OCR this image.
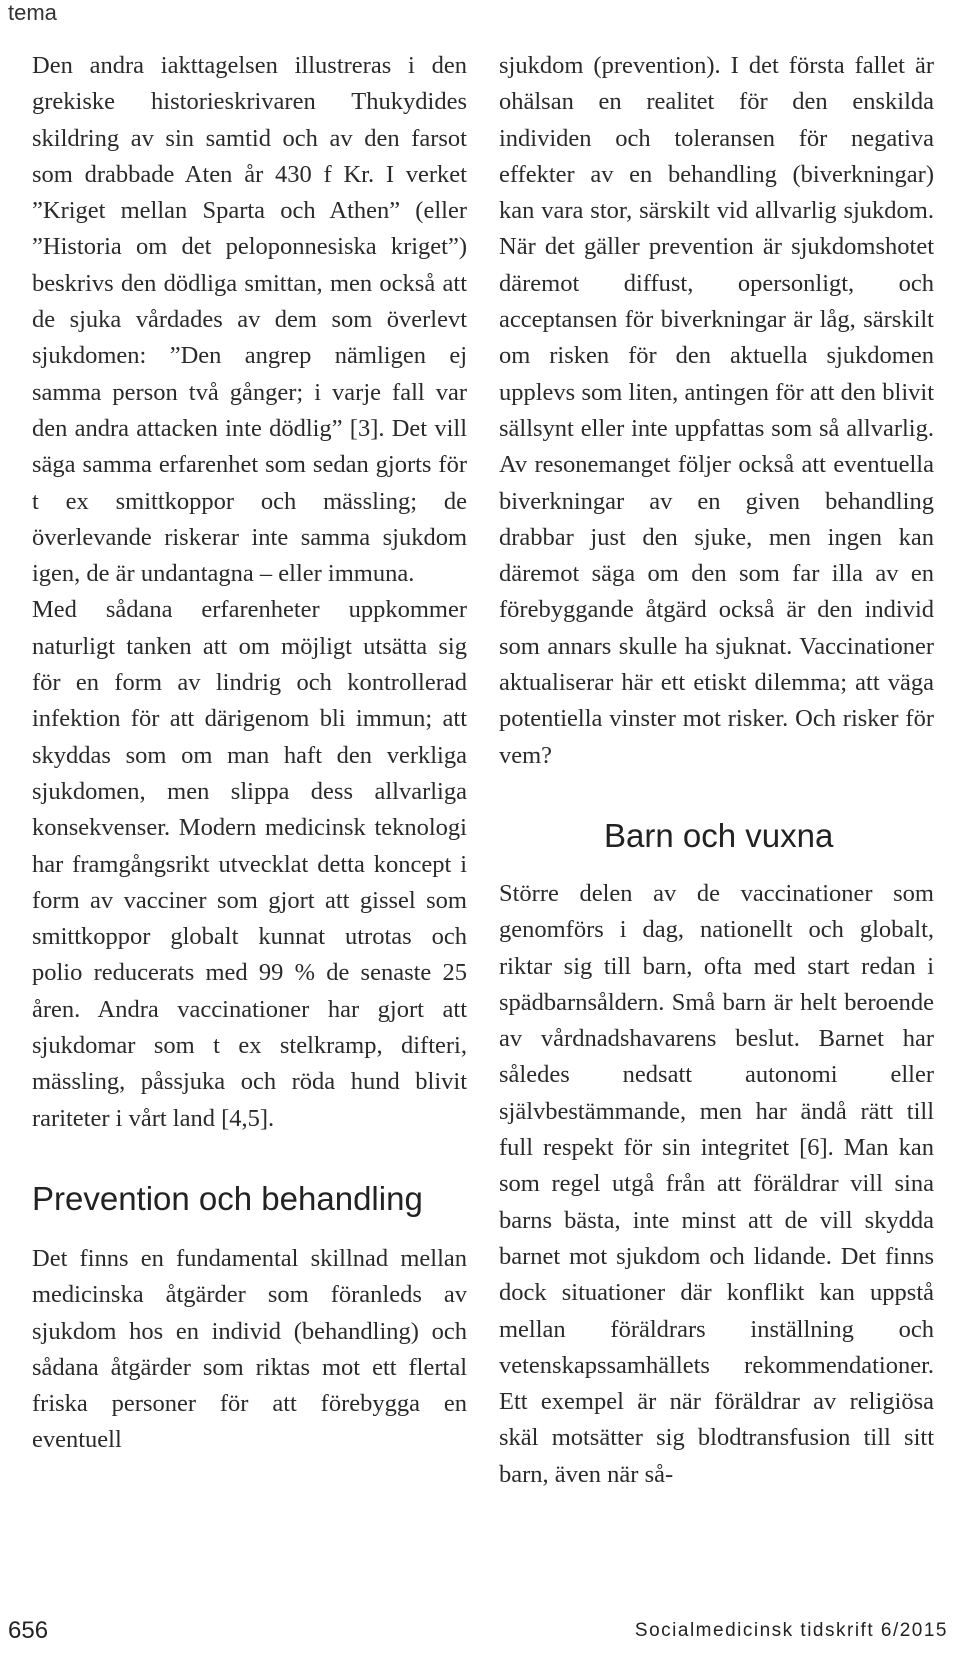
tema

Den andra iakttagelsen illustreras i den grekiske historieskrivaren Thukydides skildring av sin samtid och av den farsot som drabbade Aten år 430 f Kr. I verket ”Kriget mellan Sparta och Athen” (eller ”Historia om det peloponnesiska kriget”) beskrivs den dödliga smittan, men också att de sjuka vårdades av dem som överlevt sjukdomen: ”Den angrep nämligen ej samma person två gånger; i varje fall var den andra attacken inte dödlig” [3]. Det vill säga samma erfarenhet som sedan gjorts för t ex smittkoppor och mässling; de överlevande riskerar inte samma sjukdom igen, de är undantagna – eller immuna.

Med sådana erfarenheter uppkommer naturligt tanken att om möjligt utsätta sig för en form av lindrig och kontrollerad infektion för att därigenom bli immun; att skyddas som om man haft den verkliga sjukdomen, men slippa dess allvarliga konsekvenser. Modern medicinsk teknologi har framgångsrikt utvecklat detta koncept i form av vacciner som gjort att gissel som smittkoppor globalt kunnat utrotas och polio reducerats med 99 % de senaste 25 åren. Andra vaccinationer har gjort att sjukdomar som t ex stelkramp, difteri, mässling, påssjuka och röda hund blivit rariteter i vårt land [4,5].

Prevention och behandling

Det finns en fundamental skillnad mellan medicinska åtgärder som föranleds av sjukdom hos en individ (behandling) och sådana åtgärder som riktas mot ett flertal friska personer för att förebygga en eventuell

sjukdom (prevention). I det första fallet är ohälsan en realitet för den enskilda individen och toleransen för negativa effekter av en behandling (biverkningar) kan vara stor, särskilt vid allvarlig sjukdom. När det gäller prevention är sjukdomshotet däremot diffust, opersonligt, och acceptansen för biverkningar är låg, särskilt om risken för den aktuella sjukdomen upplevs som liten, antingen för att den blivit sällsynt eller inte uppfattas som så allvarlig. Av resonemanget följer också att eventuella biverkningar av en given behandling drabbar just den sjuke, men ingen kan däremot säga om den som far illa av en förebyggande åtgärd också är den individ som annars skulle ha sjuknat. Vaccinationer aktualiserar här ett etiskt dilemma; att väga potentiella vinster mot risker. Och risker för vem?

Barn och vuxna

Större delen av de vaccinationer som genomförs i dag, nationellt och globalt, riktar sig till barn, ofta med start redan i spädbarnsåldern. Små barn är helt beroende av vårdnadshavarens beslut. Barnet har således nedsatt autonomi eller självbestämmande, men har ändå rätt till full respekt för sin integritet [6]. Man kan som regel utgå från att föräldrar vill sina barns bästa, inte minst att de vill skydda barnet mot sjukdom och lidande. Det finns dock situationer där konflikt kan uppstå mellan föräldrars inställning och vetenskapssamhällets rekommendationer. Ett exempel är när föräldrar av religiösa skäl motsätter sig blodtransfusion till sitt barn, även när så-

656	Socialmedicinsk tidskrift 6/2015
